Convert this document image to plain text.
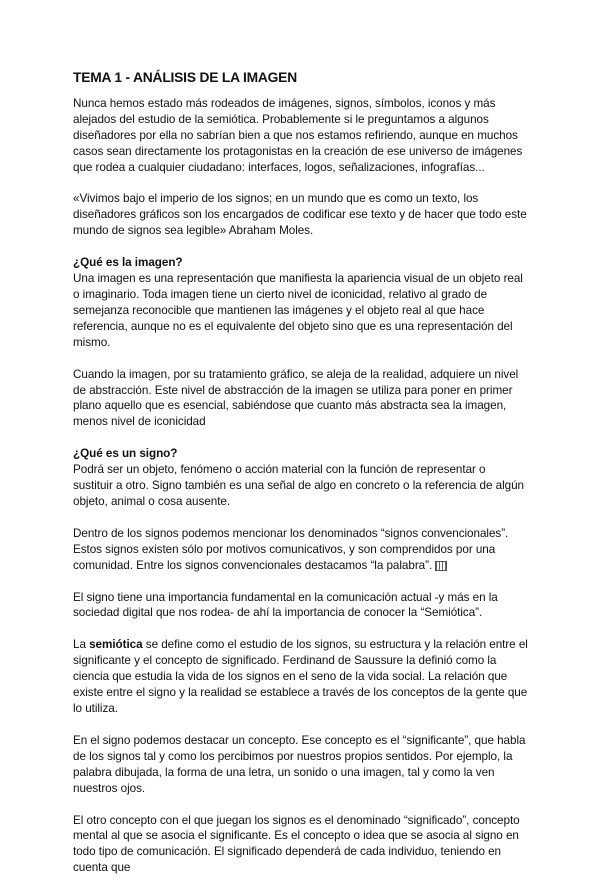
TEMA 1 - ANÁLISIS DE LA IMAGEN

Nunca hemos estado más rodeados de imágenes, signos, símbolos, iconos y más alejados del estudio de la semiótica. Probablemente si le preguntamos a algunos diseñadores por ella no sabrían bien a que nos estamos refiriendo, aunque en muchos casos sean directamente los protagonistas en la creación de ese universo de imágenes que rodea a cualquier ciudadano: interfaces, logos, señalizaciones, infografías...

«Vivimos bajo el imperio de los signos; en un mundo que es como un texto, los diseñadores gráficos son los encargados de codificar ese texto y de hacer que todo este mundo de signos sea legible» Abraham Moles.

¿Qué es la imagen?

Una imagen es una representación que manifiesta la apariencia visual de un objeto real o imaginario. Toda imagen tiene un cierto nivel de iconicidad, relativo al grado de semejanza reconocible que mantienen las imágenes y el objeto real al que hace referencia, aunque no es el equivalente del objeto sino que es una representación del mismo.

Cuando la imagen, por su tratamiento gráfico, se aleja de la realidad, adquiere un nivel de abstracción. Este nivel de abstracción de la imagen se utiliza para poner en primer plano aquello que es esencial, sabiéndose que cuanto más abstracta sea la imagen, menos nivel de iconicidad

¿Qué es un signo?

Podrá ser un objeto, fenómeno o acción material con la función de representar o sustituir a otro. Signo también es una señal de algo en concreto o la referencia de algún objeto, animal o cosa ausente.

Dentro de los signos podemos mencionar los denominados “signos convencionales”. Estos signos existen sólo por motivos comunicativos, y son comprendidos por una comunidad. Entre los signos convencionales destacamos “la palabra”.

El signo tiene una importancia fundamental en la comunicación actual -y más en la sociedad digital que nos rodea- de ahí la importancia de conocer la “Semiótica”.

La semiótica se define como el estudio de los signos, su estructura y la relación entre el significante y el concepto de significado. Ferdinand de Saussure la definió como la ciencia que estudia la vida de los signos en el seno de la vida social. La relación que existe entre el signo y la realidad se establece a través de los conceptos de la gente que lo utiliza.

En el signo podemos destacar un concepto. Ese concepto es el “significante”, que habla de los signos tal y como los percibimos por nuestros propios sentidos. Por ejemplo, la palabra dibujada, la forma de una letra, un sonido o una imagen, tal y como la ven nuestros ojos.

El otro concepto con el que juegan los signos es el denominado “significado”, concepto mental al que se asocia el significante. Es el concepto o idea que se asocia al signo en todo tipo de comunicación. El significado dependerá de cada individuo, teniendo en cuenta que
